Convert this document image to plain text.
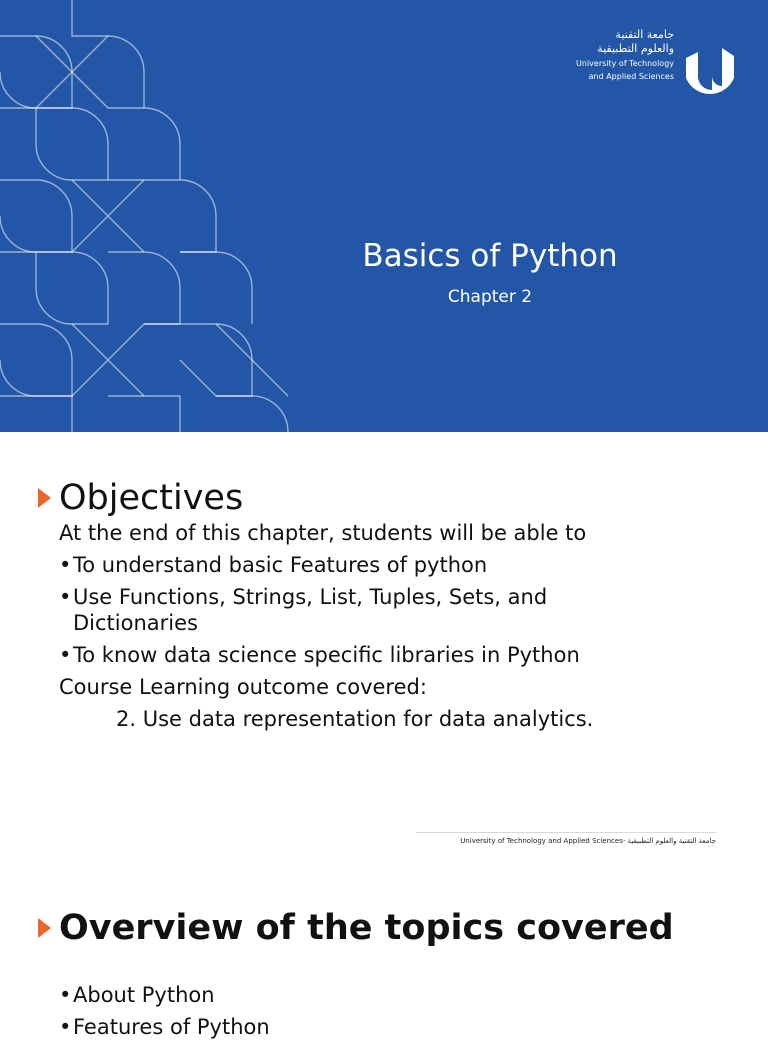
جامعة التقنية
والعلوم التطبيقية
University of Technology
and Applied Sciences
Basics of Python
Chapter 2
Objectives

At the end of this chapter, students will be able to

• To understand basic Features of python
• Use Functions, Strings, List, Tuples, Sets, and Dictionaries
• To know data science specific libraries in Python

Course Learning outcome covered:

2. Use data representation for data analytics.

University of Technology and Applied Sciences- جامعة التقنية والعلوم التطبيقية
Overview of the topics covered
• About Python
• Features of Python
